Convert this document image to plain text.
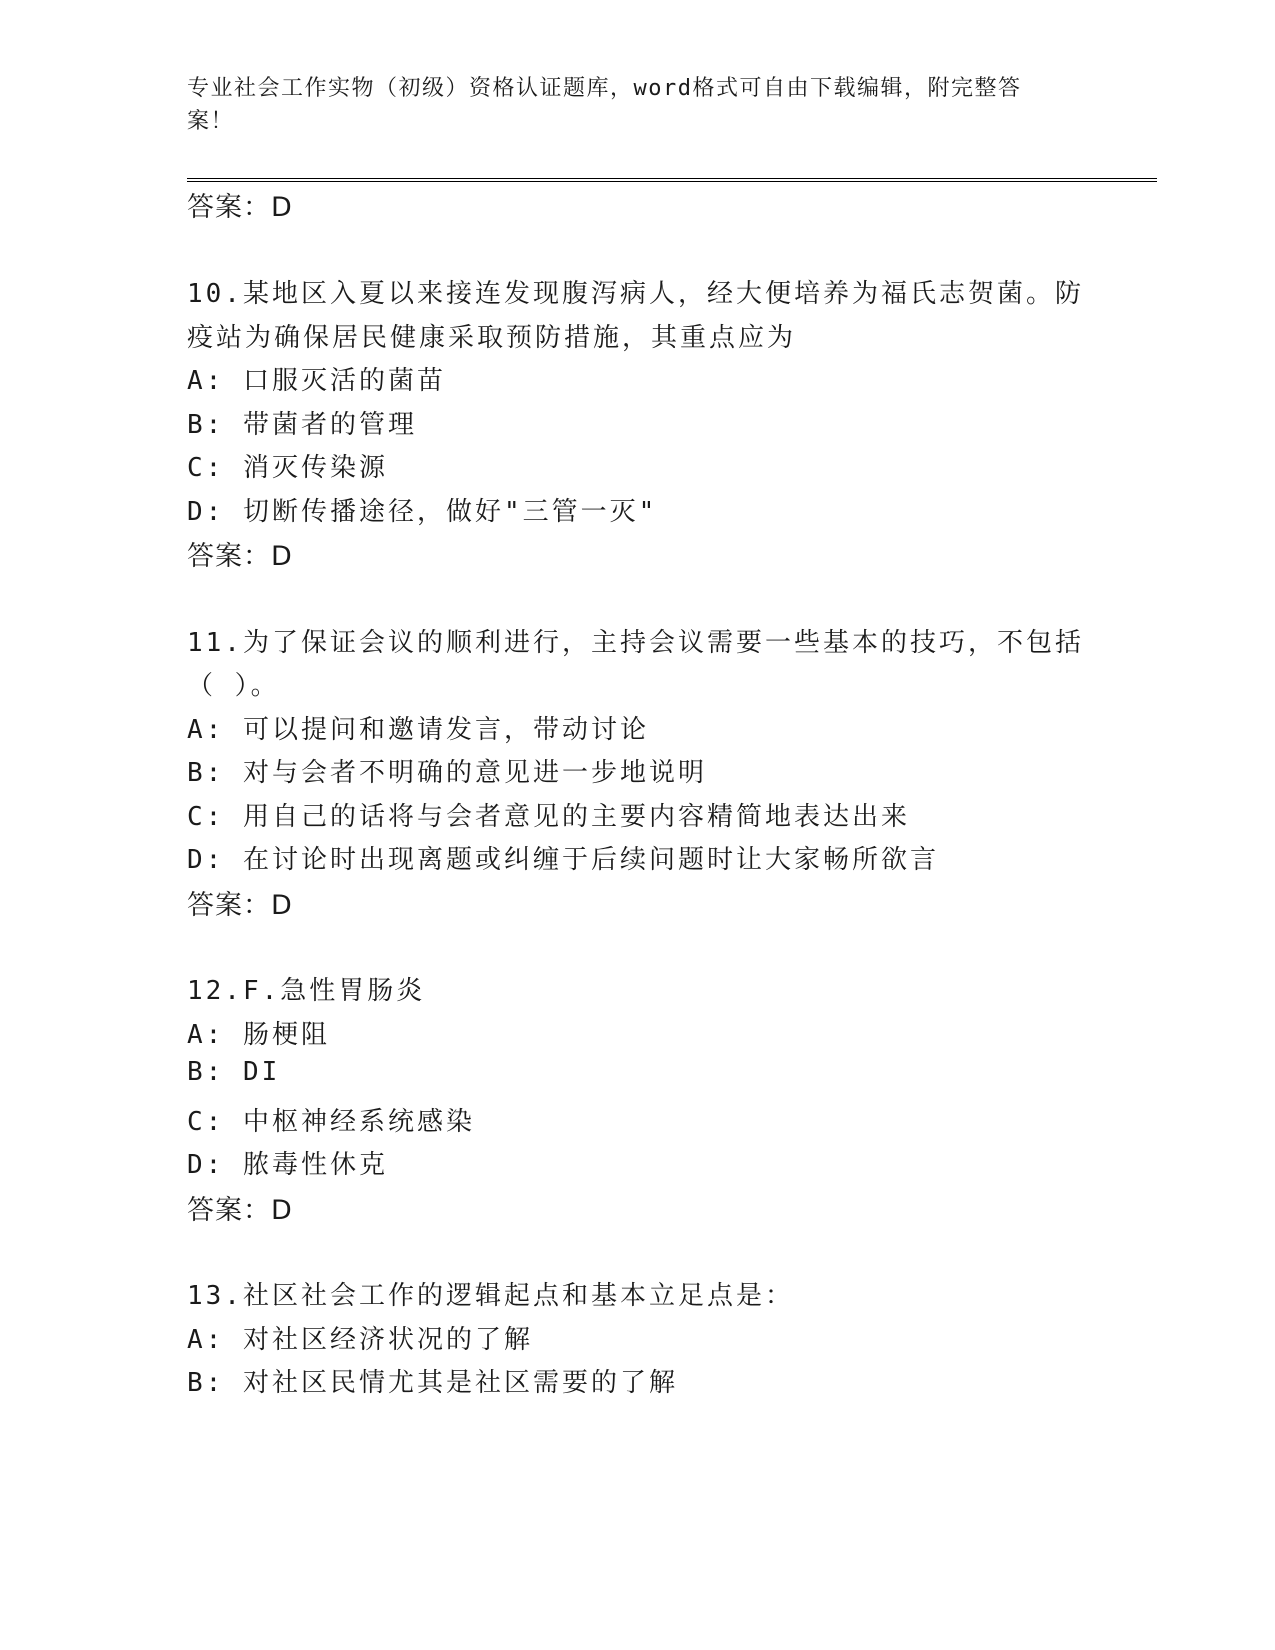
专业社会工作实物（初级）资格认证题库，word格式可自由下载编辑，附完整答案！
答案：D
10.某地区入夏以来接连发现腹泻病人，经大便培养为福氏志贺菌。防
疫站为确保居民健康采取预防措施，其重点应为
A: 口服灭活的菌苗
B: 带菌者的管理
C: 消灭传染源
D: 切断传播途径，做好"三管一灭"
答案：D
11.为了保证会议的顺利进行，主持会议需要一些基本的技巧，不包括
（ ）。
A: 可以提问和邀请发言，带动讨论
B: 对与会者不明确的意见进一步地说明
C: 用自己的话将与会者意见的主要内容精简地表达出来
D: 在讨论时出现离题或纠缠于后续问题时让大家畅所欲言
答案：D
12.F.急性胃肠炎
A: 肠梗阻
B: DI
C: 中枢神经系统感染
D: 脓毒性休克
答案：D
13.社区社会工作的逻辑起点和基本立足点是：
A: 对社区经济状况的了解
B: 对社区民情尤其是社区需要的了解
